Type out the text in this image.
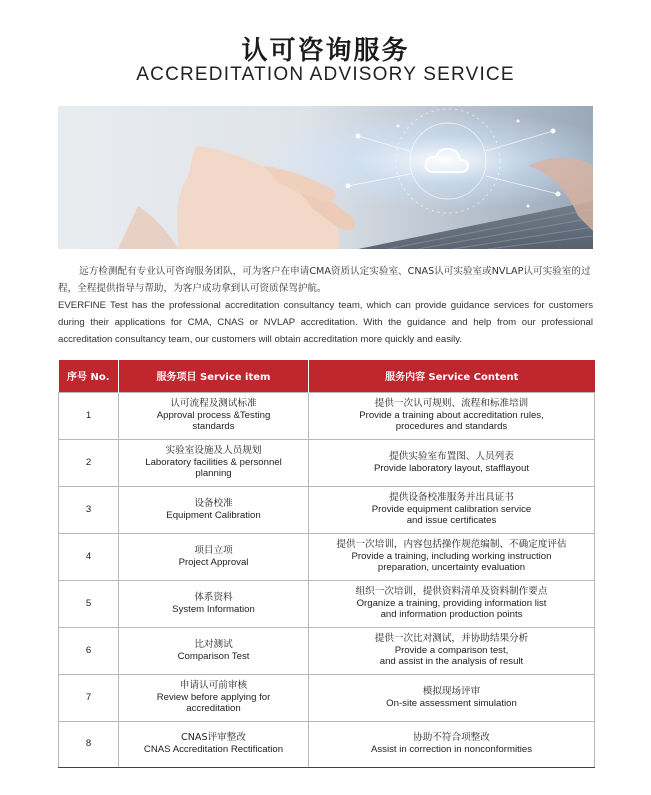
认可咨询服务
ACCREDITATION ADVISORY SERVICE

远方检测配有专业认可咨询服务团队，可为客户在申请CMA资质认定实验室、CNAS认可实验室或NVLAP认可实验室的过程，全程提供指导与帮助，为客户成功拿到认可资质保驾护航。

EVERFINE Test has the professional accreditation consultancy team, which can provide guidance services for customers during their applications for CMA, CNAS or NVLAP accreditation. With the guidance and help from our professional accreditation consultancy team, our customers will obtain accreditation more quickly and easily.

序号 No.	服务项目 Service item	服务内容 Service Content
1	认可流程及测试标准
Approval process &Testing
standards	提供一次认可规则、流程和标准培训
Provide a training about accreditation rules,
procedures and standards

2	实验室设施及人员规划
Laboratory facilities & personnel
planning	提供实验室布置图、人员列表
Provide laboratory layout, stafflayout

3	设备校准
Equipment Calibration	提供设备校准服务并出具证书
Provide equipment calibration service
and issue certificates

4	项目立项
Project Approval	提供一次培训，内容包括操作规范编制、不确定度评估
Provide a training, including working instruction
preparation, uncertainty evaluation

5	体系资料
System Information	组织一次培训，提供资料清单及资料制作要点
Organize a training, providing information list
and information production points

6	比对测试
Comparison Test	提供一次比对测试，并协助结果分析
Provide a comparison test,
and assist in the analysis of result

7	申请认可前审核
Review before applying for
accreditation	模拟现场评审
On-site assessment simulation

8	CNAS评审整改
CNAS Accreditation Rectification	协助不符合项整改
Assist in correction in nonconformities
